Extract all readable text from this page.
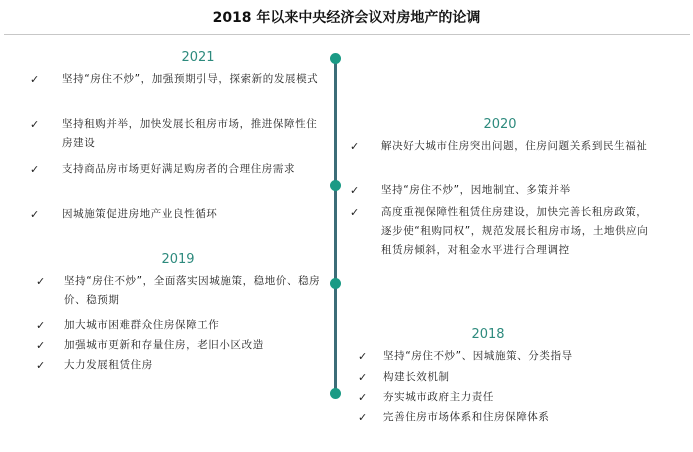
2018 年以来中央经济会议对房地产的论调
2021
✓ 坚持“房住不炒”，加强预期引导，探索新的发展模式
✓ 坚持租购并举，加快发展长租房市场，推进保障性住房建设
✓ 支持商品房市场更好满足购房者的合理住房需求
✓ 因城施策促进房地产业良性循环
2020
✓ 解决好大城市住房突出问题，住房问题关系到民生福祉
✓ 坚持“房住不炒”，因地制宜、多策并举
✓ 高度重视保障性租赁住房建设，加快完善长租房政策，逐步使“租购同权”，规范发展长租房市场，土地供应向租赁房倾斜，对租金水平进行合理调控
2019
✓ 坚持“房住不炒”，全面落实因城施策，稳地价、稳房价、稳预期
✓ 加大城市困难群众住房保障工作
✓ 加强城市更新和存量住房，老旧小区改造
✓ 大力发展租赁住房
2018
✓ 坚持“房住不炒”、因城施策、分类指导
✓ 构建长效机制
✓ 夯实城市政府主力责任
✓ 完善住房市场体系和住房保障体系
